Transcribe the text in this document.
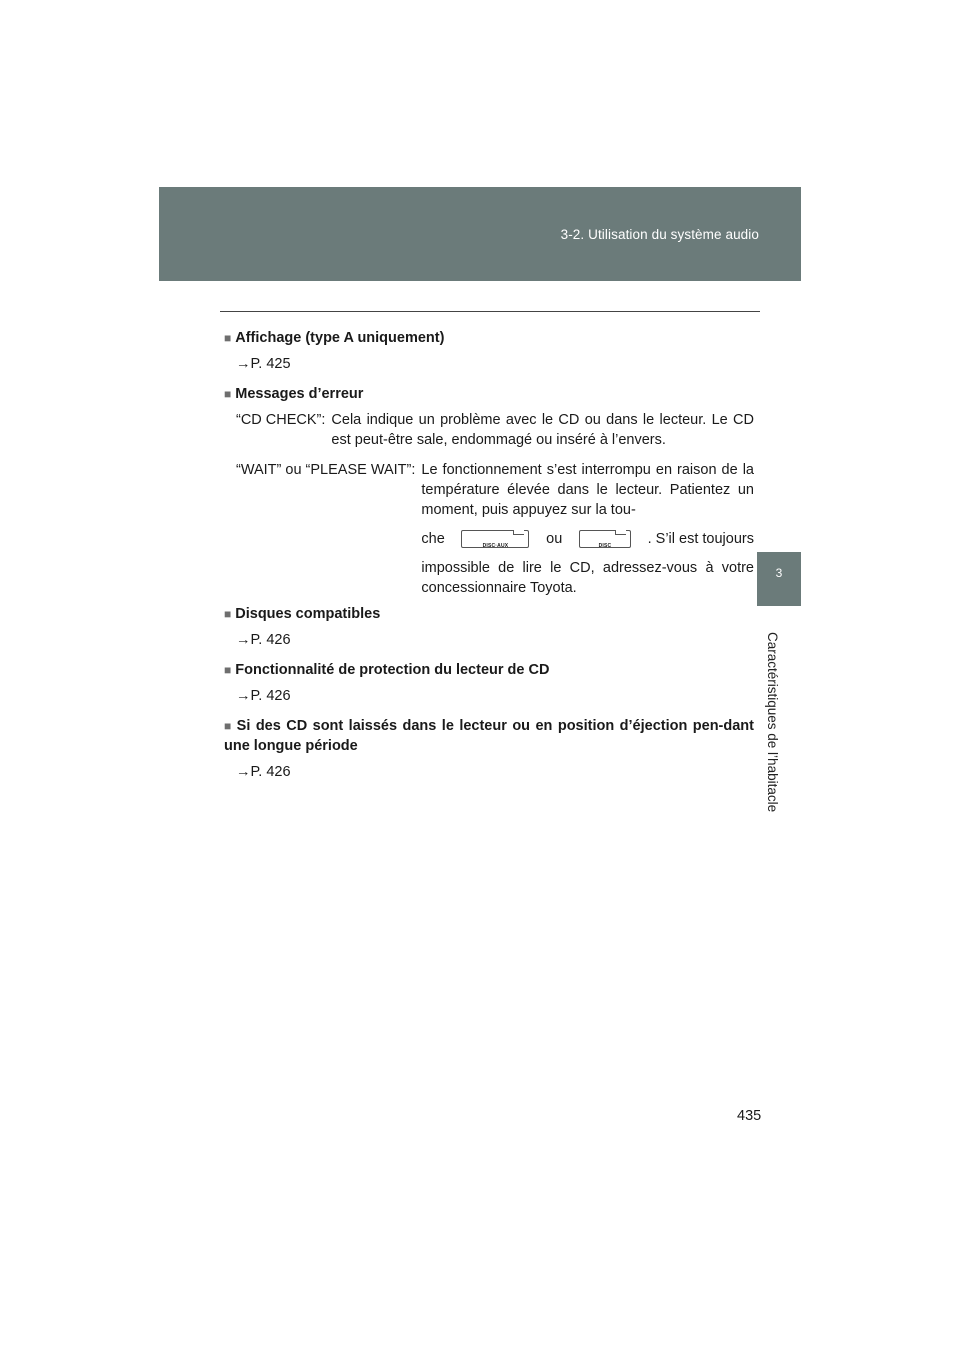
3-2. Utilisation du système audio
3
Caractéristiques de l’habitacle

■ Affichage (type A uniquement)

→P. 425

■ Messages d’erreur

“CD CHECK”: Cela indique un problème avec le CD ou dans le lecteur. Le CD est peut-être sale, endommagé ou inséré à l’envers.
“WAIT” ou “PLEASE WAIT”: Le fonctionnement s’est interrompu en raison de la température élevée dans le lecteur. Patientez un moment, puis appuyez sur la tou-
che	DISC·AUX	ou	DISC	. S’il est toujours
impossible de lire le CD, adressez-vous à votre concessionnaire Toyota.

■ Disques compatibles

→P. 426

■ Fonctionnalité de protection du lecteur de CD

→P. 426

■ Si des CD sont laissés dans le lecteur ou en position d’éjection pen-dant une longue période

→P. 426
435
